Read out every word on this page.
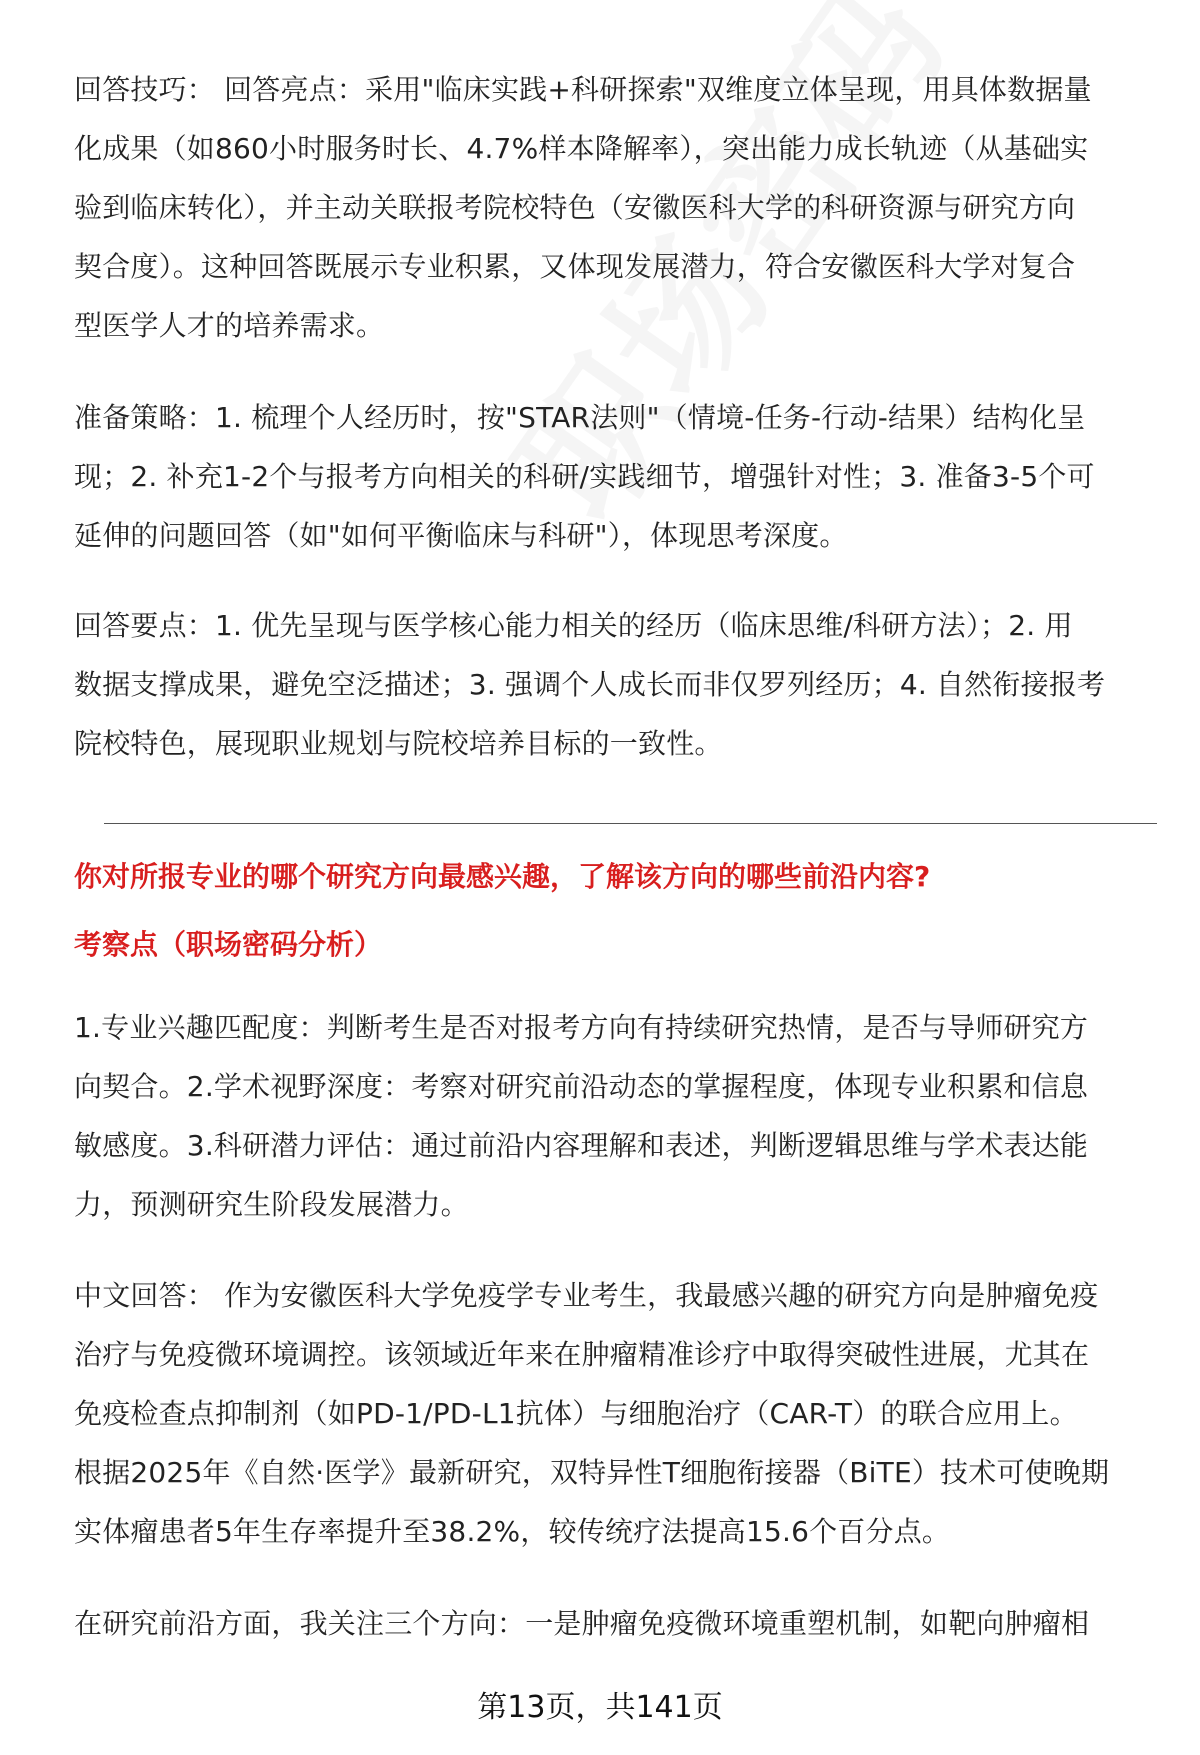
回答技巧： 回答亮点：采用"临床实践+科研探索"双维度立体呈现，用具体数据量
化成果（如860小时服务时长、4.7%样本降解率），突出能力成长轨迹（从基础实
验到临床转化），并主动关联报考院校特色（安徽医科大学的科研资源与研究方向
契合度）。这种回答既展示专业积累，又体现发展潜力，符合安徽医科大学对复合
型医学人才的培养需求。

准备策略：1. 梳理个人经历时，按"STAR法则"（情境-任务-行动-结果）结构化呈
现；2. 补充1-2个与报考方向相关的科研/实践细节，增强针对性；3. 准备3-5个可
延伸的问题回答（如"如何平衡临床与科研"），体现思考深度。

回答要点：1. 优先呈现与医学核心能力相关的经历（临床思维/科研方法）；2. 用
数据支撑成果，避免空泛描述；3. 强调个人成长而非仅罗列经历；4. 自然衔接报考
院校特色，展现职业规划与院校培养目标的一致性。

你对所报专业的哪个研究方向最感兴趣，了解该方向的哪些前沿内容?
考察点（职场密码分析）

1.专业兴趣匹配度：判断考生是否对报考方向有持续研究热情，是否与导师研究方
向契合。2.学术视野深度：考察对研究前沿动态的掌握程度，体现专业积累和信息
敏感度。3.科研潜力评估：通过前沿内容理解和表述，判断逻辑思维与学术表达能
力，预测研究生阶段发展潜力。

中文回答： 作为安徽医科大学免疫学专业考生，我最感兴趣的研究方向是肿瘤免疫
治疗与免疫微环境调控。该领域近年来在肿瘤精准诊疗中取得突破性进展，尤其在
免疫检查点抑制剂（如PD-1/PD-L1抗体）与细胞治疗（CAR-T）的联合应用上。
根据2025年《自然·医学》最新研究，双特异性T细胞衔接器（BiTE）技术可使晚期
实体瘤患者5年生存率提升至38.2%，较传统疗法提高15.6个百分点。

在研究前沿方面，我关注三个方向：一是肿瘤免疫微环境重塑机制，如靶向肿瘤相

第13页，共141页
